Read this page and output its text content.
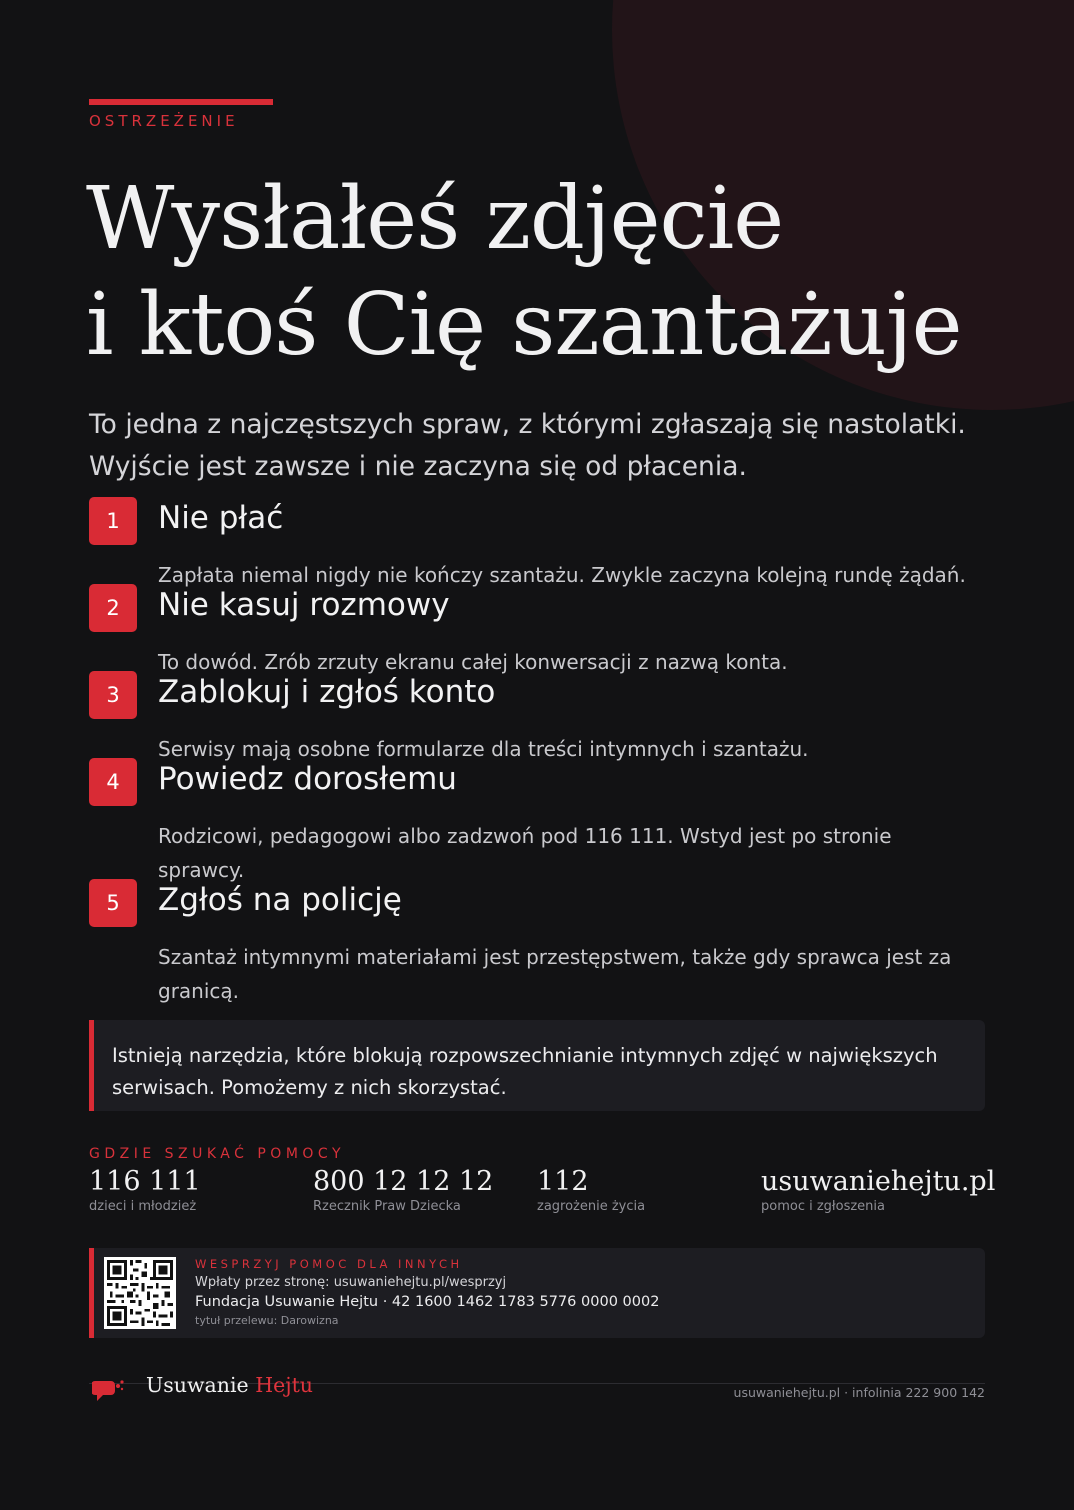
OSTRZEŻENIE
Wysłałeś zdjęcie
i ktoś Cię szantażuje

To jedna z najczęstszych spraw, z którymi zgłaszają się nastolatki. Wyjście jest zawsze i nie zaczyna się od płacenia.

1	Nie płać
Zapłata niemal nigdy nie kończy szantażu. Zwykle zaczyna kolejną rundę żądań.
2	Nie kasuj rozmowy
To dowód. Zrób zrzuty ekranu całej konwersacji z nazwą konta.
3	Zablokuj i zgłoś konto
Serwisy mają osobne formularze dla treści intymnych i szantażu.
4	Powiedz dorosłemu
Rodzicowi, pedagogowi albo zadzwoń pod 116 111. Wstyd jest po stronie sprawcy.
5	Zgłoś na policję
Szantaż intymnymi materiałami jest przestępstwem, także gdy sprawca jest za granicą.

Istnieją narzędzia, które blokują rozpowszechnianie intymnych zdjęć w największych serwisach. Pomożemy z nich skorzystać.

GDZIE SZUKAĆ POMOCY
116 111
dzieci i młodzież
800 12 12 12
Rzecznik Praw Dziecka
112
zagrożenie życia
usuwaniehejtu.pl
pomoc i zgłoszenia
WESPRZYJ POMOC DLA INNYCH
Wpłaty przez stronę: usuwaniehejtu.pl/wesprzyj
Fundacja Usuwanie Hejtu · 42 1600 1462 1783 5776 0000 0002
tytuł przelewu: Darowizna
Usuwanie Hejtu	usuwaniehejtu.pl · infolinia 222 900 142
